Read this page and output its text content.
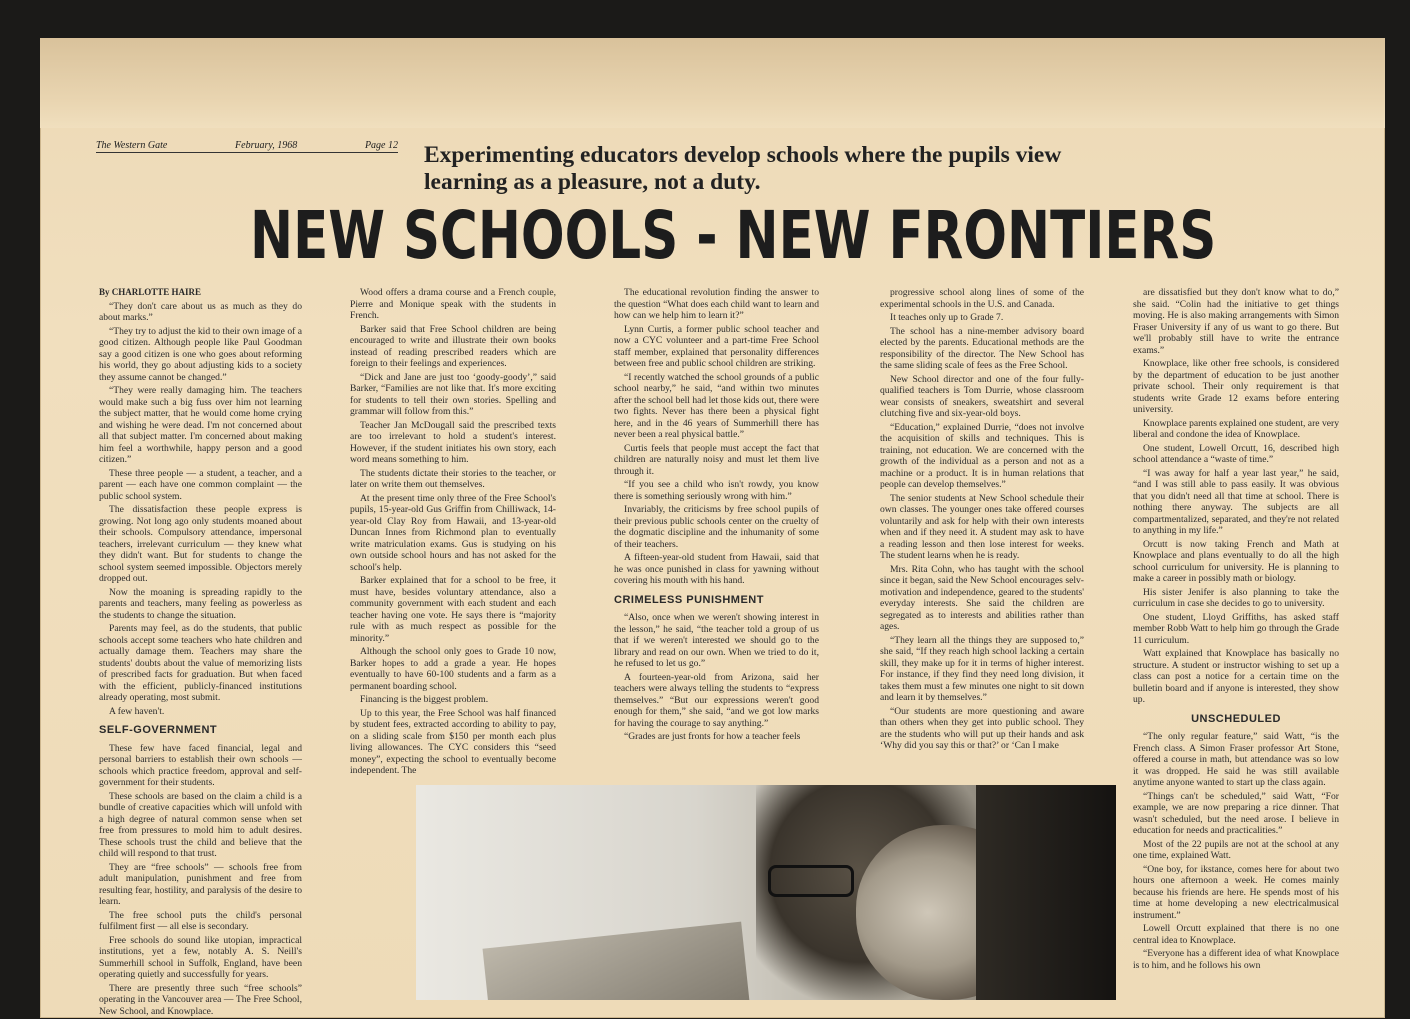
The Western Gate	February, 1968	Page 12 Experimenting educators develop schools where the pupils view learning as a pleasure, not a duty.
NEW SCHOOLS - NEW FRONTIERS

By CHARLOTTE HAIRE

“They don't care about us as much as they do about marks.”

“They try to adjust the kid to their own image of a good citizen. Although people like Paul Goodman say a good citizen is one who goes about reforming his world, they go about adjusting kids to a society they assume cannot be changed.”

“They were really damaging him. The teachers would make such a big fuss over him not learning the subject matter, that he would come home crying and wishing he were dead. I'm not concerned about all that subject matter. I'm concerned about making him feel a worthwhile, happy person and a good citizen.”

These three people — a student, a teacher, and a parent — each have one common complaint — the public school system.

The dissatisfaction these people express is growing. Not long ago only students moaned about their schools. Compulsory attendance, impersonal teachers, irrelevant curriculum — they knew what they didn't want. But for students to change the school system seemed impossible. Objectors merely dropped out.

Now the moaning is spreading rapidly to the parents and teachers, many feeling as powerless as the students to change the situation.

Parents may feel, as do the students, that public schools accept some teachers who hate children and actually damage them. Teachers may share the students' doubts about the value of memorizing lists of prescribed facts for graduation. But when faced with the efficient, publicly-financed institutions already operating, most submit.

A few haven't.

SELF-GOVERNMENT

These few have faced financial, legal and personal barriers to establish their own schools — schools which practice freedom, approval and self-government for their students.

These schools are based on the claim a child is a bundle of creative capacities which will unfold with a high degree of natural common sense when set free from pressures to mold him to adult desires. These schools trust the child and believe that the child will respond to that trust.

They are “free schools” — schools free from adult manipulation, punishment and free from resulting fear, hostility, and paralysis of the desire to learn.

The free school puts the child's personal fulfilment first — all else is secondary.

Free schools do sound like utopian, impractical institutions, yet a few, notably A. S. Neill's Summerhill school in Suffolk, England, have been operating quietly and successfully for years.

There are presently three such “free schools” operating in the Vancouver area — The Free School, New School, and Knowplace.

Wood offers a drama course and a French couple, Pierre and Monique speak with the students in French.

Barker said that Free School children are being encouraged to write and illustrate their own books instead of reading prescribed readers which are foreign to their feelings and experiences.

“Dick and Jane are just too ‘goody-goody’,” said Barker, “Families are not like that. It's more exciting for students to tell their own stories. Spelling and grammar will follow from this.”

Teacher Jan McDougall said the prescribed texts are too irrelevant to hold a student's interest. However, if the student initiates his own story, each word means something to him.

The students dictate their stories to the teacher, or later on write them out themselves.

At the present time only three of the Free School's pupils, 15-year-old Gus Griffin from Chilliwack, 14-year-old Clay Roy from Hawaii, and 13-year-old Duncan Innes from Richmond plan to eventually write matriculation exams. Gus is studying on his own outside school hours and has not asked for the school's help.

Barker explained that for a school to be free, it must have, besides voluntary attendance, also a community government with each student and each teacher having one vote. He says there is “majority rule with as much respect as possible for the minority.”

Although the school only goes to Grade 10 now, Barker hopes to add a grade a year. He hopes eventually to have 60-100 students and a farm as a permanent boarding school.

Financing is the biggest problem.

Up to this year, the Free School was half financed by student fees, extracted according to ability to pay, on a sliding scale from $150 per month each plus living allowances. The CYC considers this “seed money”, expecting the school to eventually become independent. The

The educational revolution finding the answer to the question “What does each child want to learn and how can we help him to learn it?”

Lynn Curtis, a former public school teacher and now a CYC volunteer and a part-time Free School staff member, explained that personality differences between free and public school children are striking.

“I recently watched the school grounds of a public school nearby,” he said, “and within two minutes after the school bell had let those kids out, there were two fights. Never has there been a physical fight here, and in the 46 years of Summerhill there has never been a real physical battle.”

Curtis feels that people must accept the fact that children are naturally noisy and must let them live through it.

“If you see a child who isn't rowdy, you know there is something seriously wrong with him.”

Invariably, the criticisms by free school pupils of their previous public schools center on the cruelty of the dogmatic discipline and the inhumanity of some of their teachers.

A fifteen-year-old student from Hawaii, said that he was once punished in class for yawning without covering his mouth with his hand.

CRIMELESS PUNISHMENT

“Also, once when we weren't showing interest in the lesson,” he said, “the teacher told a group of us that if we weren't interested we should go to the library and read on our own. When we tried to do it, he refused to let us go.”

A fourteen-year-old from Arizona, said her teachers were always telling the students to “express themselves.” “But our expressions weren't good enough for them,” she said, “and we got low marks for having the courage to say anything.”

“Grades are just fronts for how a teacher feels

progressive school along lines of some of the experimental schools in the U.S. and Canada.

It teaches only up to Grade 7.

The school has a nine-member advisory board elected by the parents. Educational methods are the responsibility of the director. The New School has the same sliding scale of fees as the Free School.

New School director and one of the four fully-qualified teachers is Tom Durrie, whose classroom wear consists of sneakers, sweatshirt and several clutching five and six-year-old boys.

“Education,” explained Durrie, “does not involve the acquisition of skills and techniques. This is training, not education. We are concerned with the growth of the individual as a person and not as a machine or a product. It is in human relations that people can develop themselves.”

The senior students at New School schedule their own classes. The younger ones take offered courses voluntarily and ask for help with their own interests when and if they need it. A student may ask to have a reading lesson and then lose interest for weeks. The student learns when he is ready.

Mrs. Rita Cohn, who has taught with the school since it began, said the New School encourages selv-motivation and independence, geared to the students' everyday interests. She said the children are segregated as to interests and abilities rather than ages.

“They learn all the things they are supposed to,” she said, “If they reach high school lacking a certain skill, they make up for it in terms of higher interest. For instance, if they find they need long division, it takes them must a few minutes one night to sit down and learn it by themselves.”

“Our students are more questioning and aware than others when they get into public school. They are the students who will put up their hands and ask ‘Why did you say this or that?’ or ‘Can I make

are dissatisfied but they don't know what to do,” she said. “Colin had the initiative to get things moving. He is also making arrangements with Simon Fraser University if any of us want to go there. But we'll probably still have to write the entrance exams.”

Knowplace, like other free schools, is considered by the department of education to be just another private school. Their only requirement is that students write Grade 12 exams before entering university.

Knowplace parents explained one student, are very liberal and condone the idea of Knowplace.

One student, Lowell Orcutt, 16, described high school attendance a “waste of time.”

“I was away for half a year last year,” he said, “and I was still able to pass easily. It was obvious that you didn't need all that time at school. There is nothing there anyway. The subjects are all compartmentalized, separated, and they're not related to anything in my life.”

Orcutt is now taking French and Math at Knowplace and plans eventually to do all the high school curriculum for university. He is planning to make a career in possibly math or biology.

His sister Jenifer is also planning to take the curriculum in case she decides to go to university.

One student, Lloyd Griffiths, has asked staff member Robb Watt to help him go through the Grade 11 curriculum.

Watt explained that Knowplace has basically no structure. A student or instructor wishing to set up a class can post a notice for a certain time on the bulletin board and if anyone is interested, they show up.

UNSCHEDULED

“The only regular feature,” said Watt, “is the French class. A Simon Fraser professor Art Stone, offered a course in math, but attendance was so low it was dropped. He said he was still available anytime anyone wanted to start up the class again.

“Things can't be scheduled,” said Watt, “For example, we are now preparing a rice dinner. That wasn't scheduled, but the need arose. I believe in education for needs and practicalities.”

Most of the 22 pupils are not at the school at any one time, explained Watt.

“One boy, for ikstance, comes here for about two hours one afternoon a week. He comes mainly because his friends are here. He spends most of his time at home developing a new electricalmusical instrument.”

Lowell Orcutt explained that there is no one central idea to Knowplace.

“Everyone has a different idea of what Knowplace is to him, and he follows his own
